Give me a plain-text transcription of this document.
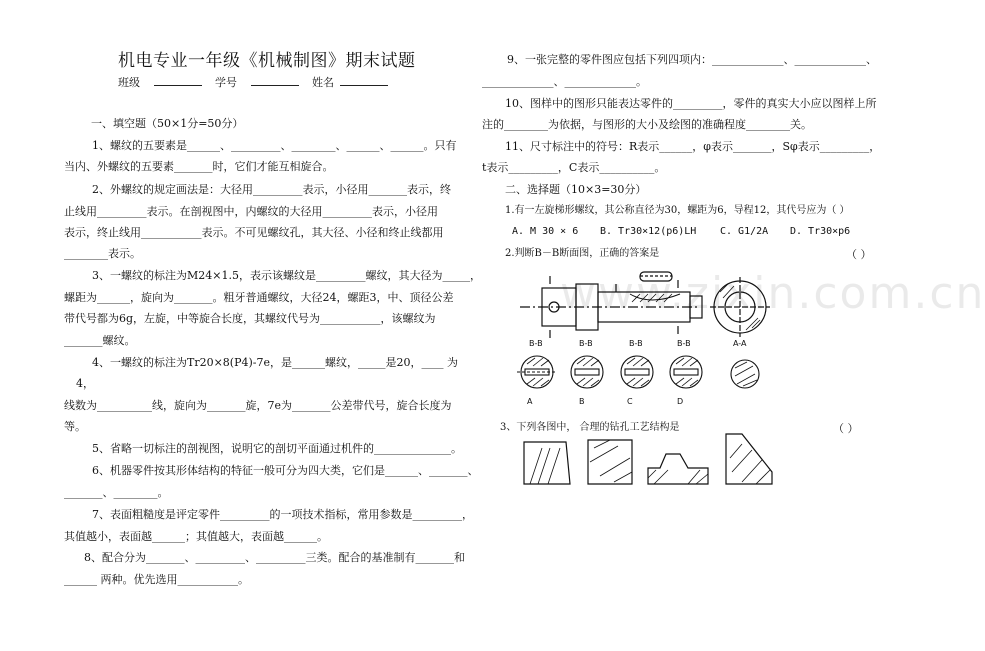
机电专业一年级《机械制图》期末试题
班级	学号	姓名
一、填空题（50×1分=50分）
1、螺纹的五要素是______、_________、________、______、______。只有
当内、外螺纹的五要素_______时，它们才能互相旋合。
2、外螺纹的规定画法是：大径用_________表示，小径用_______表示，终
止线用_________表示。在剖视图中，内螺纹的大径用_________表示，小径用
表示，终止线用___________表示。不可见螺纹孔，其大径、小径和终止线都用
________表示。
3、一螺纹的标注为M24×1.5，表示该螺纹是_________螺纹，其大径为_____，
螺距为______，旋向为_______。粗牙普通螺纹，大径24，螺距3，中、顶径公差
带代号都为6g，左旋，中等旋合长度，其螺纹代号为___________，该螺纹为
_______螺纹。
4、一螺纹的标注为Tr20×8(P4)-7e，是______螺纹，_____是20，____ 为
4，
线数为__________线，旋向为_______旋，7e为_______公差带代号，旋合长度为
等。
5、省略一切标注的剖视图，说明它的剖切平面通过机件的______________。
6、机器零件按其形体结构的特征一般可分为四大类，它们是______、_______、
_______、________。
7、表面粗糙度是评定零件_________的一项技术指标，常用参数是_________，
其值越小，表面越______；其值越大，表面越______。
8、配合分为_______、_________、_________三类。配合的基准制有_______和
______ 两种。优先选用___________。
9、一张完整的零件图应包括下列四项内：_____________、_____________、
_____________、_____________。
10、图样中的图形只能表达零件的_________，零件的真实大小应以图样上所
注的________为依据，与图形的大小及绘图的准确程度________关。
11、尺寸标注中的符号：R表示______，φ表示_______，Sφ表示_________，
t表示_________，C表示__________。
二、选择题（10×3=30分）
1.有一左旋梯形螺纹，其公称直径为30，螺距为6，导程12，其代号应为（ ）
A. M 30 × 6 B. Tr30×12(p6)LH C. G1/2A D. Tr30×p6
2.判断B－B断面图，正确的答案是	（ ）
B-B	B-B	B-B	B-B	A-A
A	B	C	D
3、下列各图中， 合理的钻孔工艺结构是	（ ）
www.zixin.com.cn
